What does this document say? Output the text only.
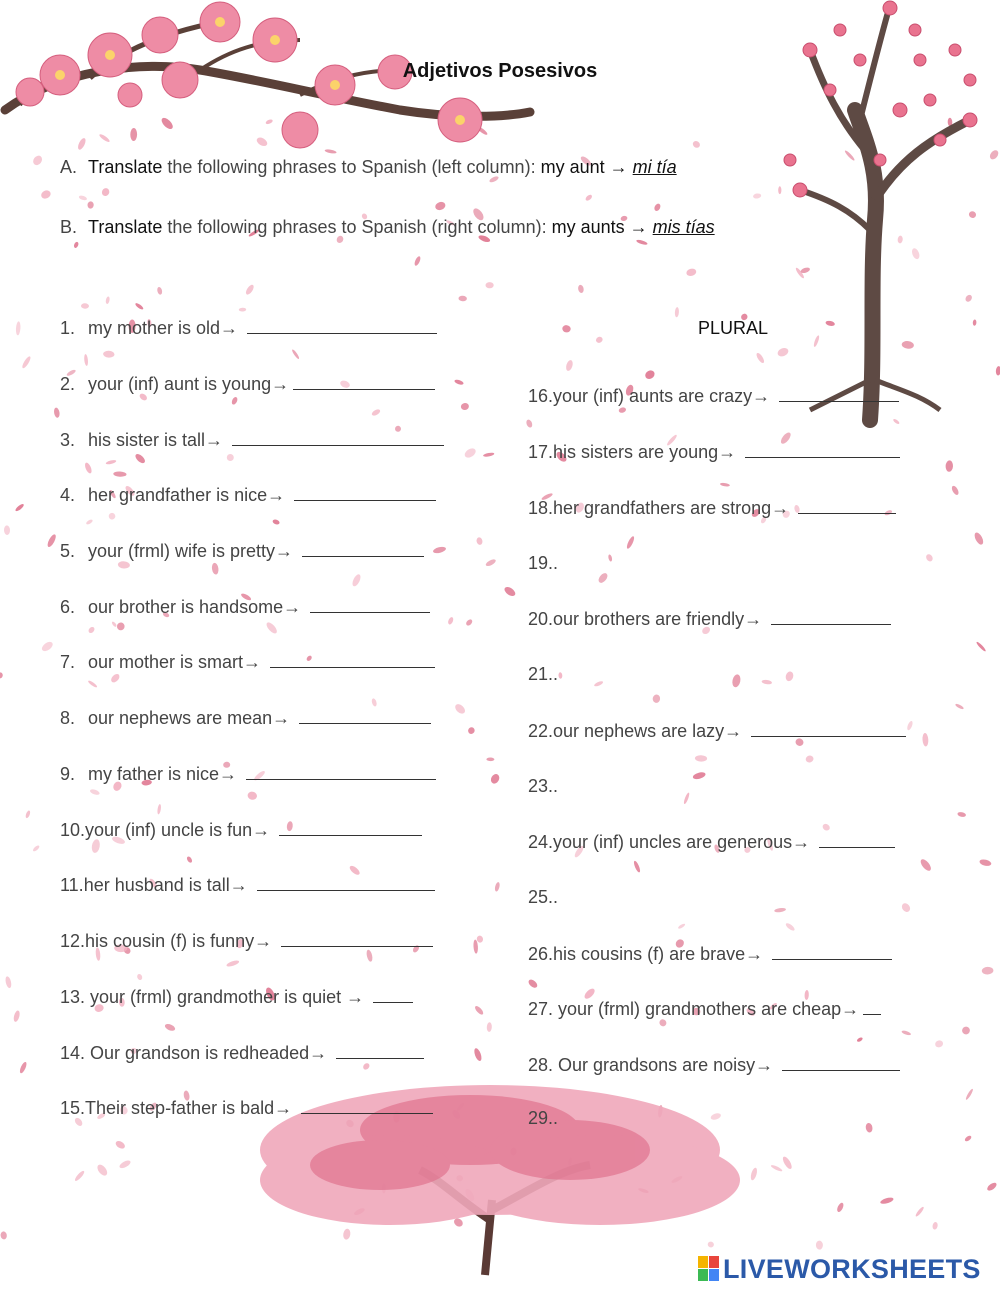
Adjetivos Posesivos
A. Translate the following phrases to Spanish (left column): my aunt → mi tía
B. Translate the following phrases to Spanish (right column): my aunts → mis tías
PLURAL
1. my mother is old→
2. your (inf) aunt is young→
3. his sister is tall→
4. her grandfather is nice→
5. your (frml) wife is pretty→
6. our brother is handsome→
7. our mother is smart→
8. our nephews are mean→
9. my father is nice→
10.your (inf) uncle is fun→
11.her husband is tall→
12.his cousin (f) is funny→
13. your (frml) grandmother is quiet →
14. Our grandson is redheaded→
15.Their step-father is bald→
16.your (inf) aunts are crazy→
17.his sisters are young→
18.her grandfathers are strong→
19..
20.our brothers are friendly→
21..
22.our nephews are lazy→
23..
24.your (inf) uncles are generous→
25..
26.his cousins (f) are brave→
27. your (frml) grandmothers are cheap→
28. Our grandsons are noisy→
29..
LIVEWORKSHEETS
